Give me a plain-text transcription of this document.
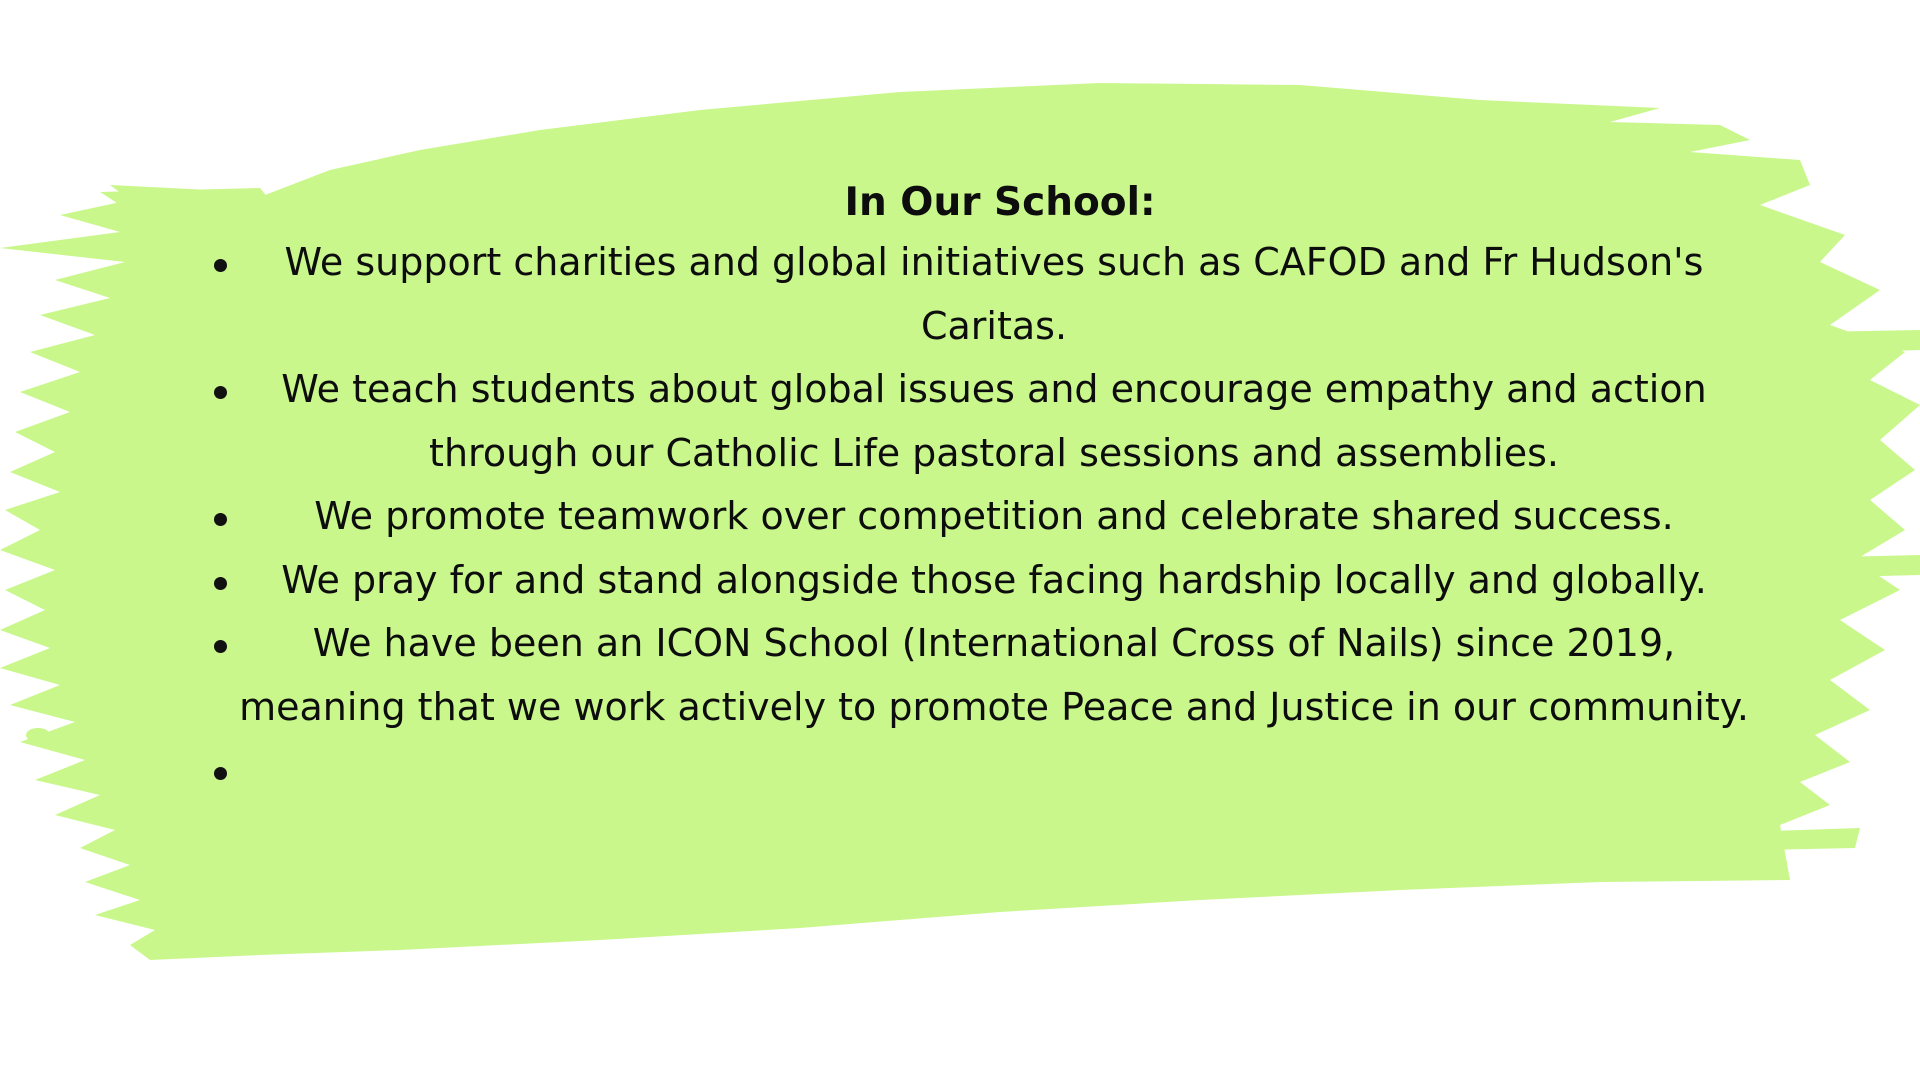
In Our School:
We support charities and global initiatives such as CAFOD and Fr Hudson's Caritas.
We teach students about global issues and encourage empathy and action through our Catholic Life pastoral sessions and assemblies.
We promote teamwork over competition and celebrate shared success.
We pray for and stand alongside those facing hardship locally and globally.
We have been an ICON School (International Cross of Nails) since 2019, meaning that we work actively to promote Peace and Justice in our community.
